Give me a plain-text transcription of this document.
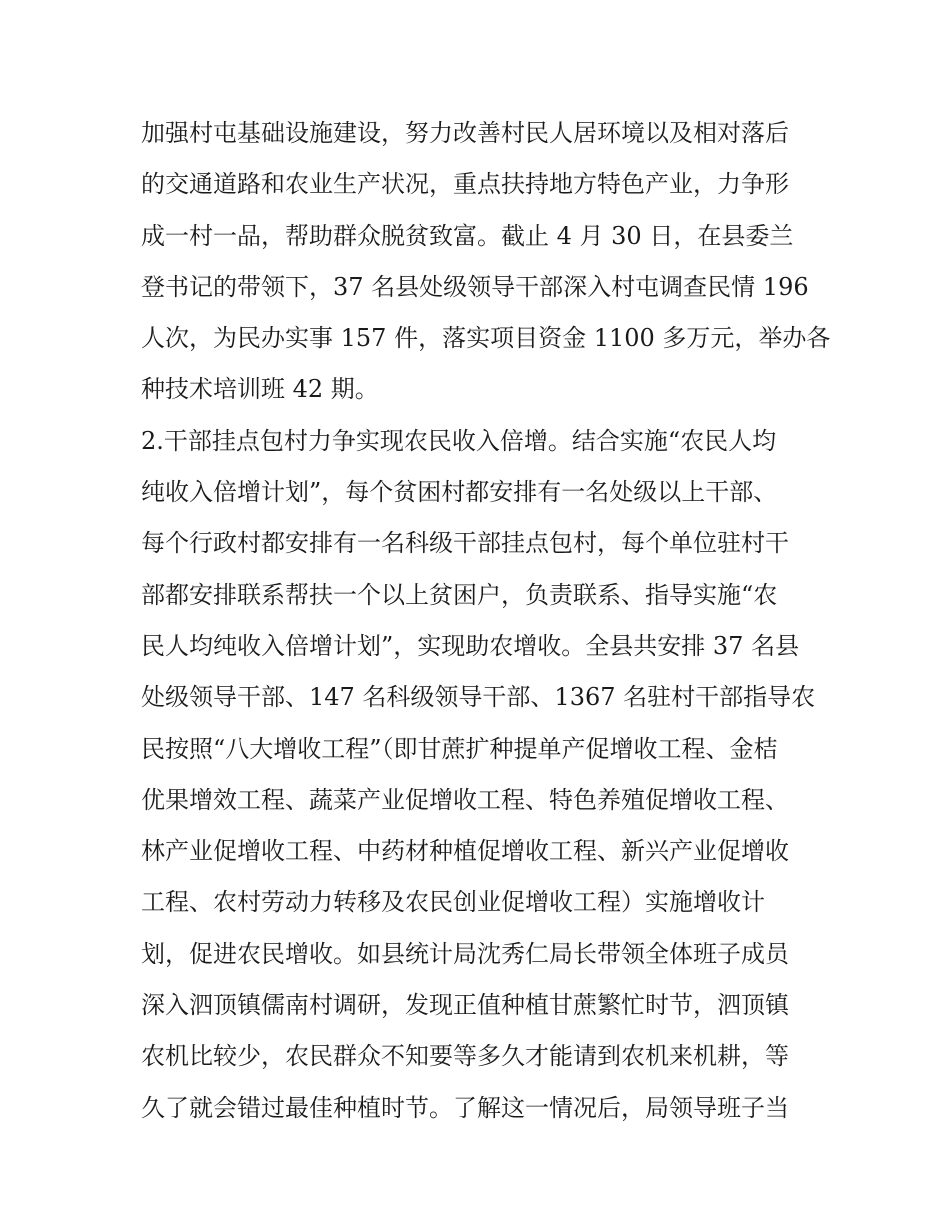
加强村屯基础设施建设，努力改善村民人居环境以及相对落后
的交通道路和农业生产状况，重点扶持地方特色产业，力争形
成一村一品，帮助群众脱贫致富。截止 4 月 30 日，在县委兰
登书记的带领下，37 名县处级领导干部深入村屯调查民情 196
人次，为民办实事 157 件，落实项目资金 1100 多万元，举办各
种技术培训班 42 期。
2.干部挂点包村力争实现农民收入倍增。结合实施“农民人均
纯收入倍增计划”，每个贫困村都安排有一名处级以上干部、
每个行政村都安排有一名科级干部挂点包村，每个单位驻村干
部都安排联系帮扶一个以上贫困户，负责联系、指导实施“农
民人均纯收入倍增计划”，实现助农增收。全县共安排 37 名县
处级领导干部、147 名科级领导干部、1367 名驻村干部指导农
民按照“八大增收工程”（即甘蔗扩种提单产促增收工程、金桔
优果增效工程、蔬菜产业促增收工程、特色养殖促增收工程、
林产业促增收工程、中药材种植促增收工程、新兴产业促增收
工程、农村劳动力转移及农民创业促增收工程）实施增收计
划，促进农民增收。如县统计局沈秀仁局长带领全体班子成员
深入泗顶镇儒南村调研，发现正值种植甘蔗繁忙时节，泗顶镇
农机比较少，农民群众不知要等多久才能请到农机来机耕，等
久了就会错过最佳种植时节。了解这一情况后，局领导班子当
